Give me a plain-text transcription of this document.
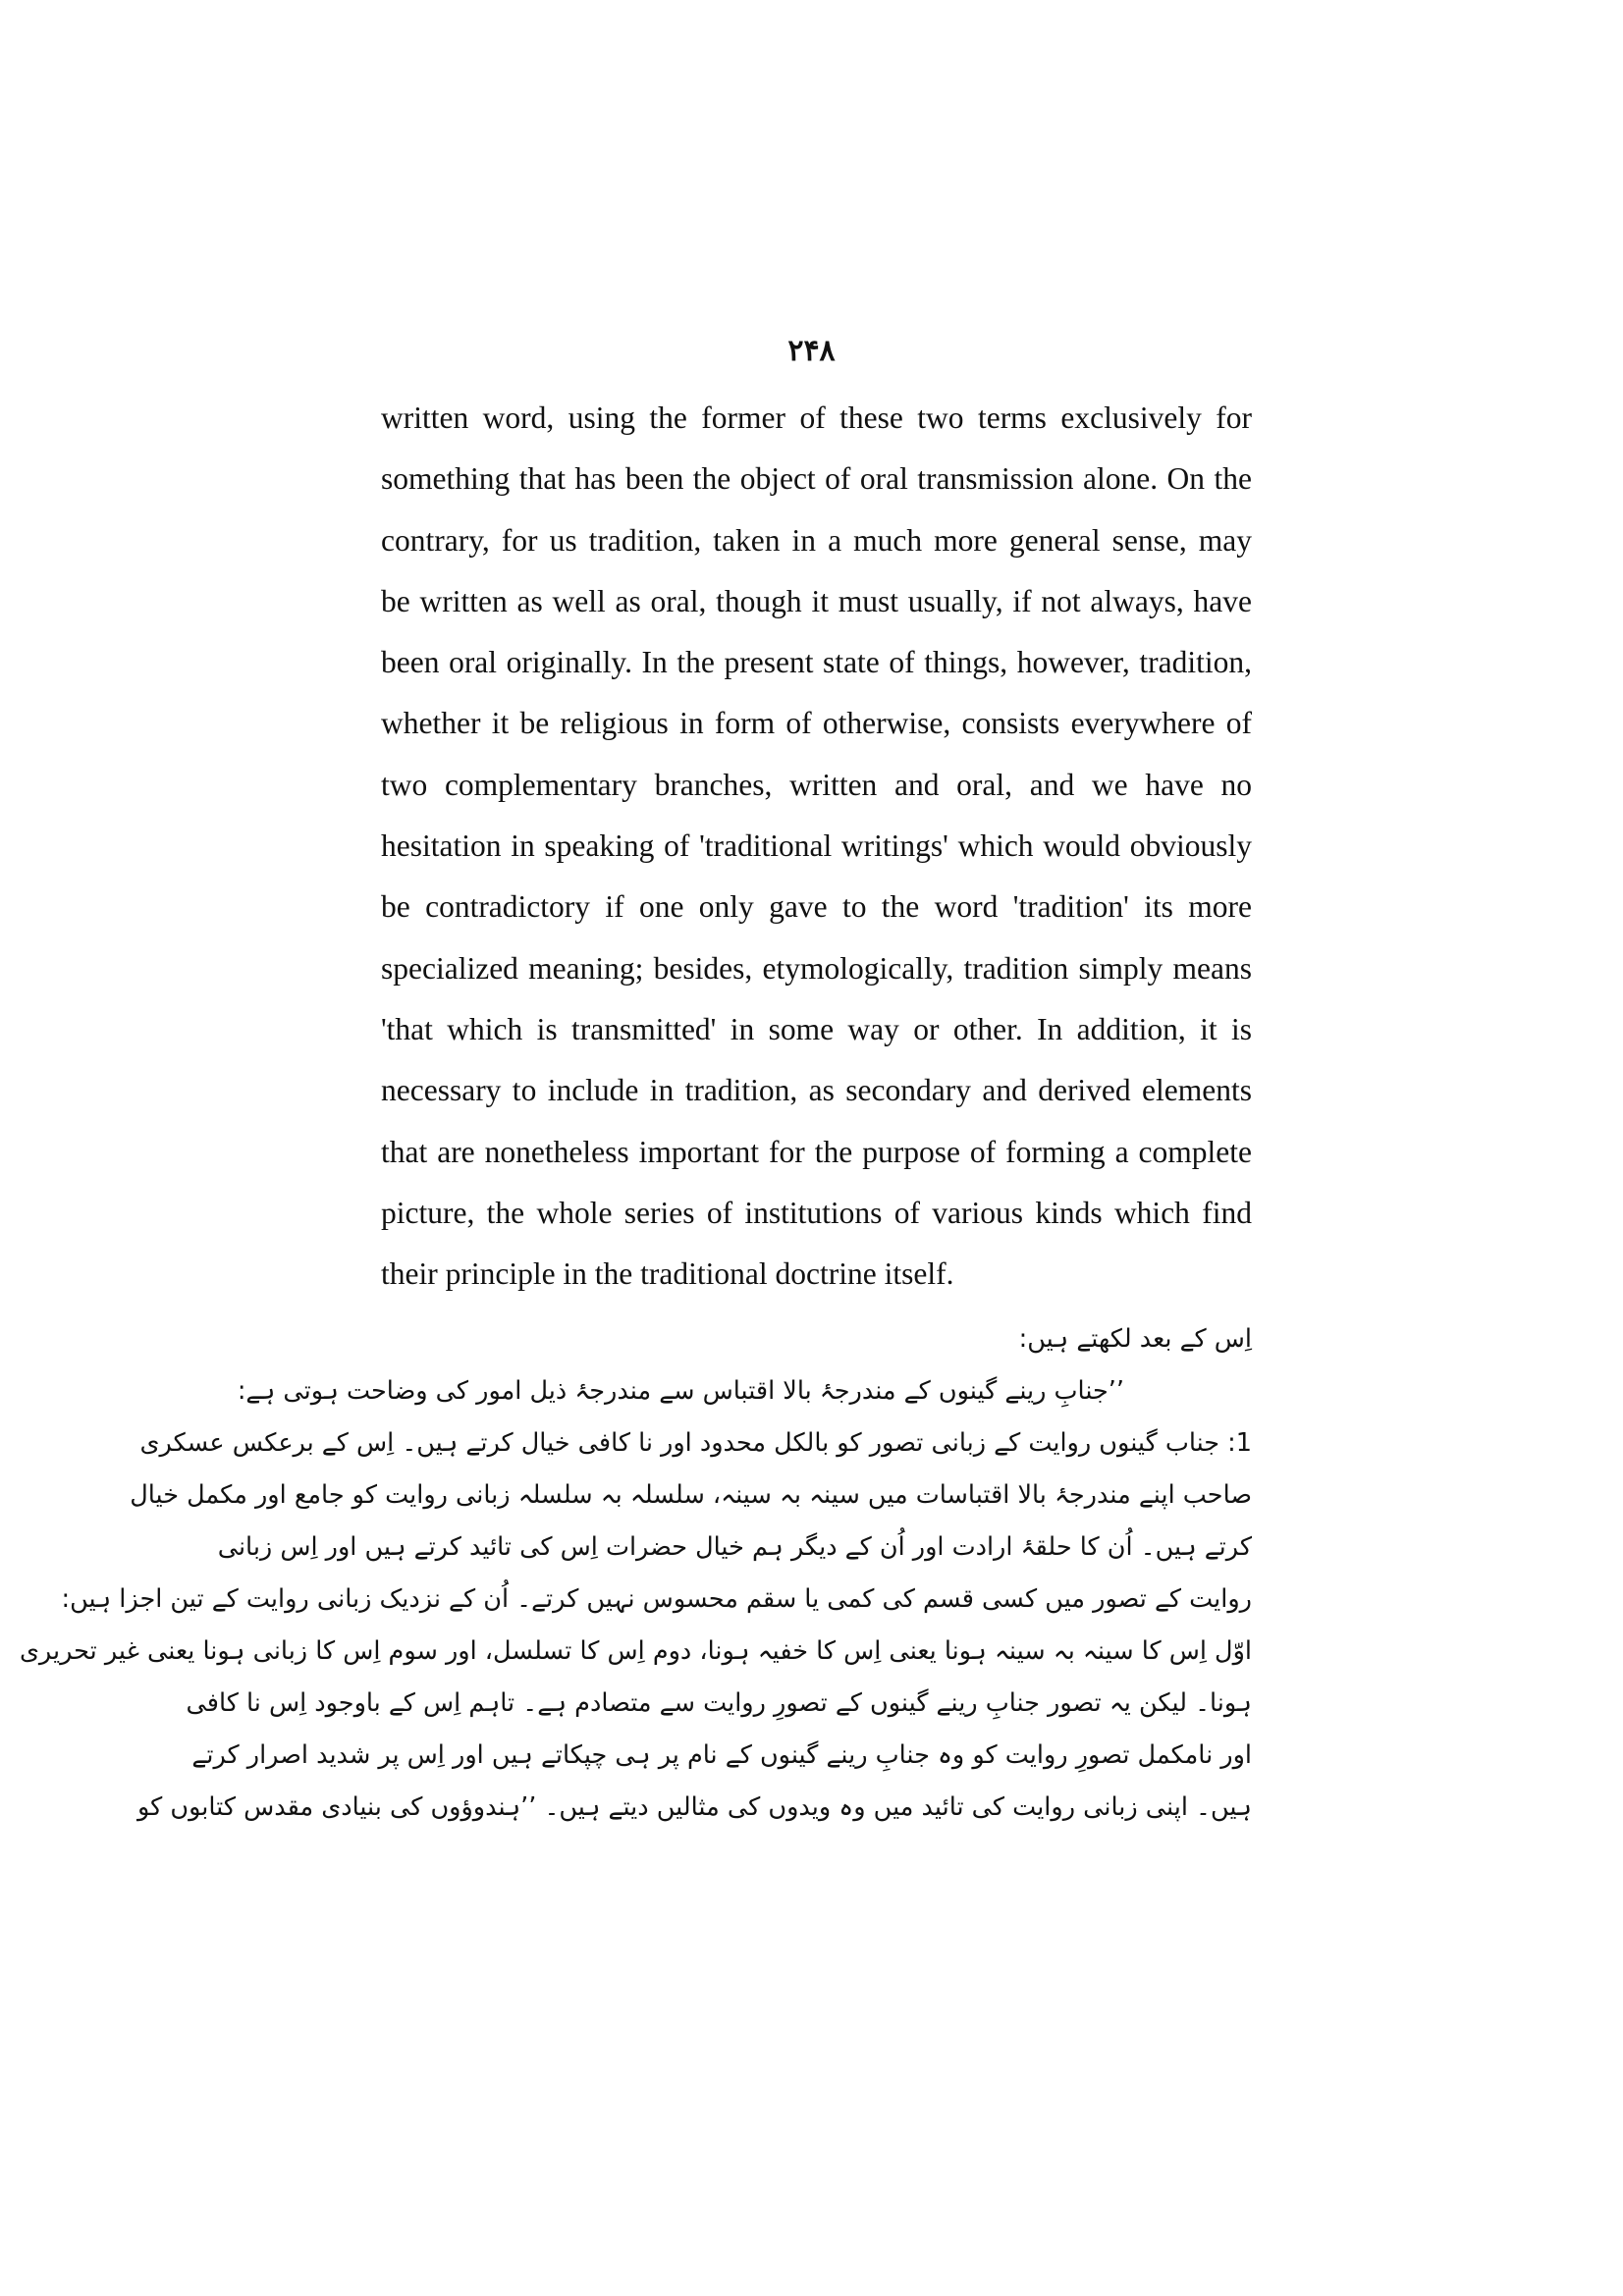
۲۴۸
written word, using the former of these two terms exclusively for
something that has been the object of oral transmission alone. On the
contrary, for us tradition, taken in a much more general sense, may
be written as well as oral, though it must usually, if not always, have
been oral originally. In the present state of things, however, tradition,
whether it be religious in form of otherwise, consists everywhere of
two complementary branches, written and oral, and we have no
hesitation in speaking of 'traditional writings' which would obviously
be contradictory if one only gave to the word 'tradition' its more
specialized meaning; besides, etymologically, tradition simply means
'that which is transmitted' in some way or other. In addition, it is
necessary to include in tradition, as secondary and derived elements
that are nonetheless important for the purpose of forming a complete
picture, the whole series of institutions of various kinds which find
their principle in the traditional doctrine itself.
اِس کے بعد لکھتے ہیں:
’’جنابِ رینے گینوں کے مندرجۂ بالا اقتباس سے مندرجۂ ذیل امور کی وضاحت ہوتی ہے:
1: جناب گینوں روایت کے زبانی تصور کو بالکل محدود اور نا کافی خیال کرتے ہیں۔ اِس کے برعکس عسکری
صاحب اپنے مندرجۂ بالا اقتباسات میں سینہ بہ سینہ، سلسلہ بہ سلسلہ زبانی روایت کو جامع اور مکمل خیال
کرتے ہیں۔ اُن کا حلقۂ ارادت اور اُن کے دیگر ہم خیال حضرات اِس کی تائید کرتے ہیں اور اِس زبانی
روایت کے تصور میں کسی قسم کی کمی یا سقم محسوس نہیں کرتے۔ اُن کے نزدیک زبانی روایت کے تین اجزا ہیں:
اوّل اِس کا سینہ بہ سینہ ہونا یعنی اِس کا خفیہ ہونا، دوم اِس کا تسلسل، اور سوم اِس کا زبانی ہونا یعنی غیر تحریری
ہونا۔ لیکن یہ تصور جنابِ رینے گینوں کے تصورِ روایت سے متصادم ہے۔ تاہم اِس کے باوجود اِس نا کافی
اور نامکمل تصورِ روایت کو وہ جنابِ رینے گینوں کے نام پر ہی چپکاتے ہیں اور اِس پر شدید اصرار کرتے
ہیں۔ اپنی زبانی روایت کی تائید میں وہ ویدوں کی مثالیں دیتے ہیں۔ ’’ہندوؤوں کی بنیادی مقدس کتابوں کو
